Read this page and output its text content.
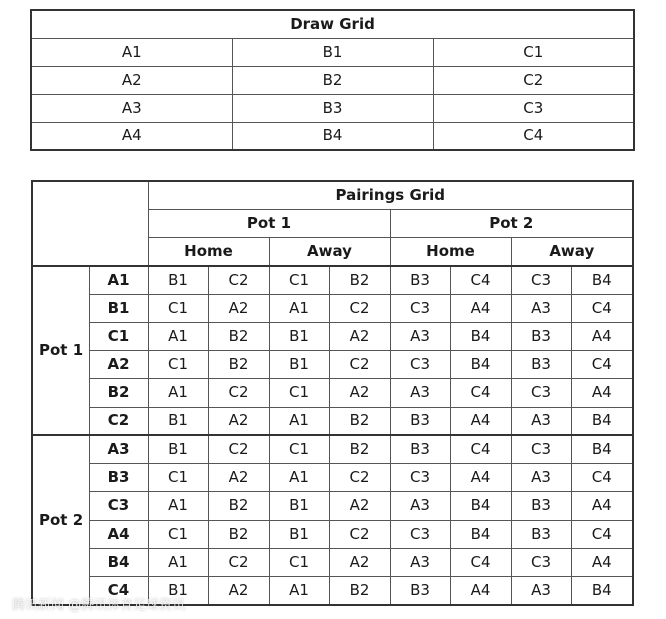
Draw Grid		
A1	B1	C1
A2	B2	C2
A3	B3	C3
A4	B4	C4
		Pairings Grid							
		Pot 1				Pot 2			
		Home		Away		Home		Away	
Pot 1	A1	B1	C2	C1	B2	B3	C4	C3	B4
	B1	C1	A2	A1	C2	C3	A4	A3	C4
	C1	A1	B2	B1	A2	A3	B4	B3	A4
	A2	C1	B2	B1	C2	C3	B4	B3	C4
	B2	A1	C2	C1	A2	A3	C4	C3	A4
	C2	B1	A2	A1	B2	B3	A4	A3	B4
Pot 2	A3	B1	C2	C1	B2	B3	C4	C3	B4
	B3	C1	A2	A1	C2	C3	A4	A3	C4
	C3	A1	B2	B1	A2	A3	B4	B3	A4
	A4	C1	B2	B1	C2	C3	B4	B3	C4
	B4	A1	C2	C1	A2	A3	C4	C3	A4
	C4	B1	A2	A1	B2	B3	A4	A3	B4
腾讯新闻 @腾讯体育足球资讯
